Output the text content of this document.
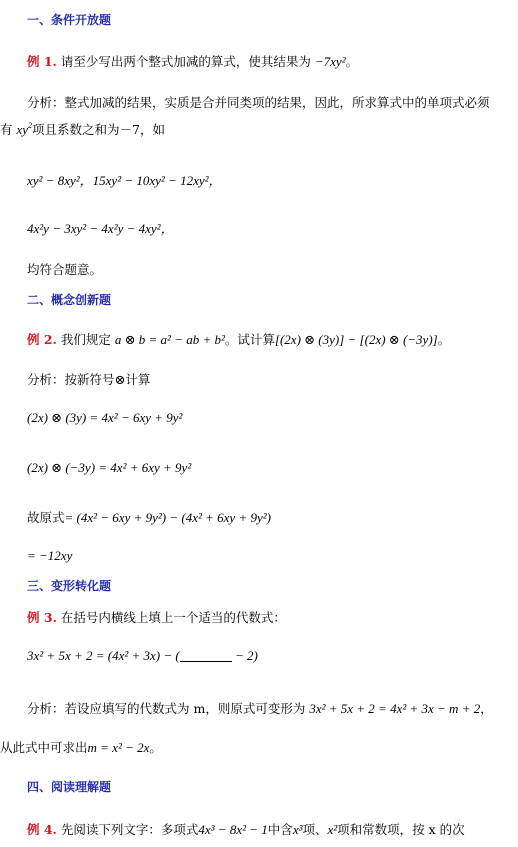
一、条件开放题
例 1. 请至少写出两个整式加减的算式，使其结果为 −7xy²。
分析：整式加减的结果，实质是合并同类项的结果，因此，所求算式中的单项式必须
有 $xy^2$项且系数之和为－7，如
xy² − 8xy²，15xy² − 10xy² − 12xy²，
4x²y − 3xy² − 4x²y − 4xy²，
均符合题意。
二、概念创新题
例 2. 我们规定 a ⊗ b = a² − ab + b²。试计算[(2x) ⊗ (3y)] − [(2x) ⊗ (−3y)]。
分析：按新符号⊗计算
(2x) ⊗ (3y) = 4x² − 6xy + 9y²
(2x) ⊗ (−3y) = 4x² + 6xy + 9y²
故原式= (4x² − 6xy + 9y²) − (4x² + 6xy + 9y²)
= −12xy
三、变形转化题
例 3. 在括号内横线上填上一个适当的代数式：
3x² + 5x + 2 = (4x² + 3x) − (	− 2)
分析：若设应填写的代数式为 m，则原式可变形为 3x² + 5x + 2 = 4x² + 3x − m + 2，
从此式中可求出m = x² − 2x。
四、阅读理解题
例 4. 先阅读下列文字：多项式4x³ − 8x² − 1中含x³项、x²项和常数项，按 x 的次
